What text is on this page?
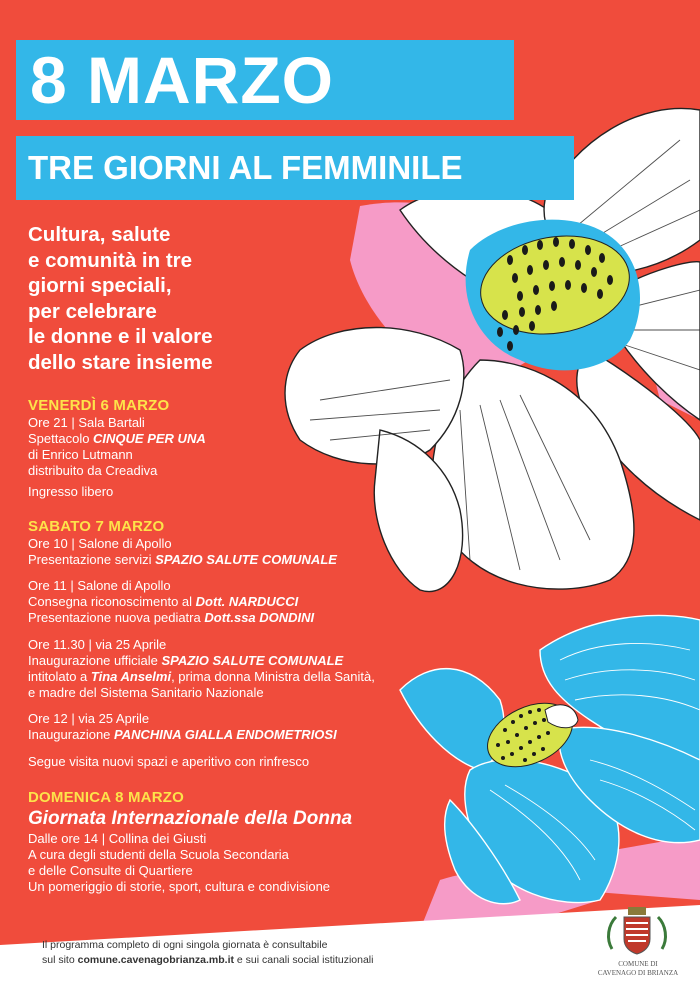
8 MARZO
TRE GIORNI AL FEMMINILE
Cultura, salute
e comunità in tre
giorni speciali,
per celebrare
le donne e il valore
dello stare insieme
VENERDÌ 6 MARZO
Ore 21 | Sala Bartali
Spettacolo CINQUE PER UNA
di Enrico Lutmann
distribuito da Creadiva
Ingresso libero
SABATO 7 MARZO
Ore 10 | Salone di Apollo
Presentazione servizi SPAZIO SALUTE COMUNALE
Ore 11 | Salone di Apollo
Consegna riconoscimento al Dott. NARDUCCI
Presentazione nuova pediatra Dott.ssa DONDINI
Ore 11.30 | via 25 Aprile
Inaugurazione ufficiale SPAZIO SALUTE COMUNALE
intitolato a Tina Anselmi, prima donna Ministra della Sanità,
e madre del Sistema Sanitario Nazionale
Ore 12 | via 25 Aprile
Inaugurazione PANCHINA GIALLA ENDOMETRIOSI
Segue visita nuovi spazi e aperitivo con rinfresco
DOMENICA 8 MARZO
Giornata Internazionale della Donna
Dalle ore 14 | Collina dei Giusti
A cura degli studenti della Scuola Secondaria
e delle Consulte di Quartiere
Un pomeriggio di storie, sport, cultura e condivisione
Il programma completo di ogni singola giornata è consultabile
sul sito comune.cavenagobrianza.mb.it e sui canali social istituzionali	COMUNE DI
CAVENAGO DI BRIANZA
